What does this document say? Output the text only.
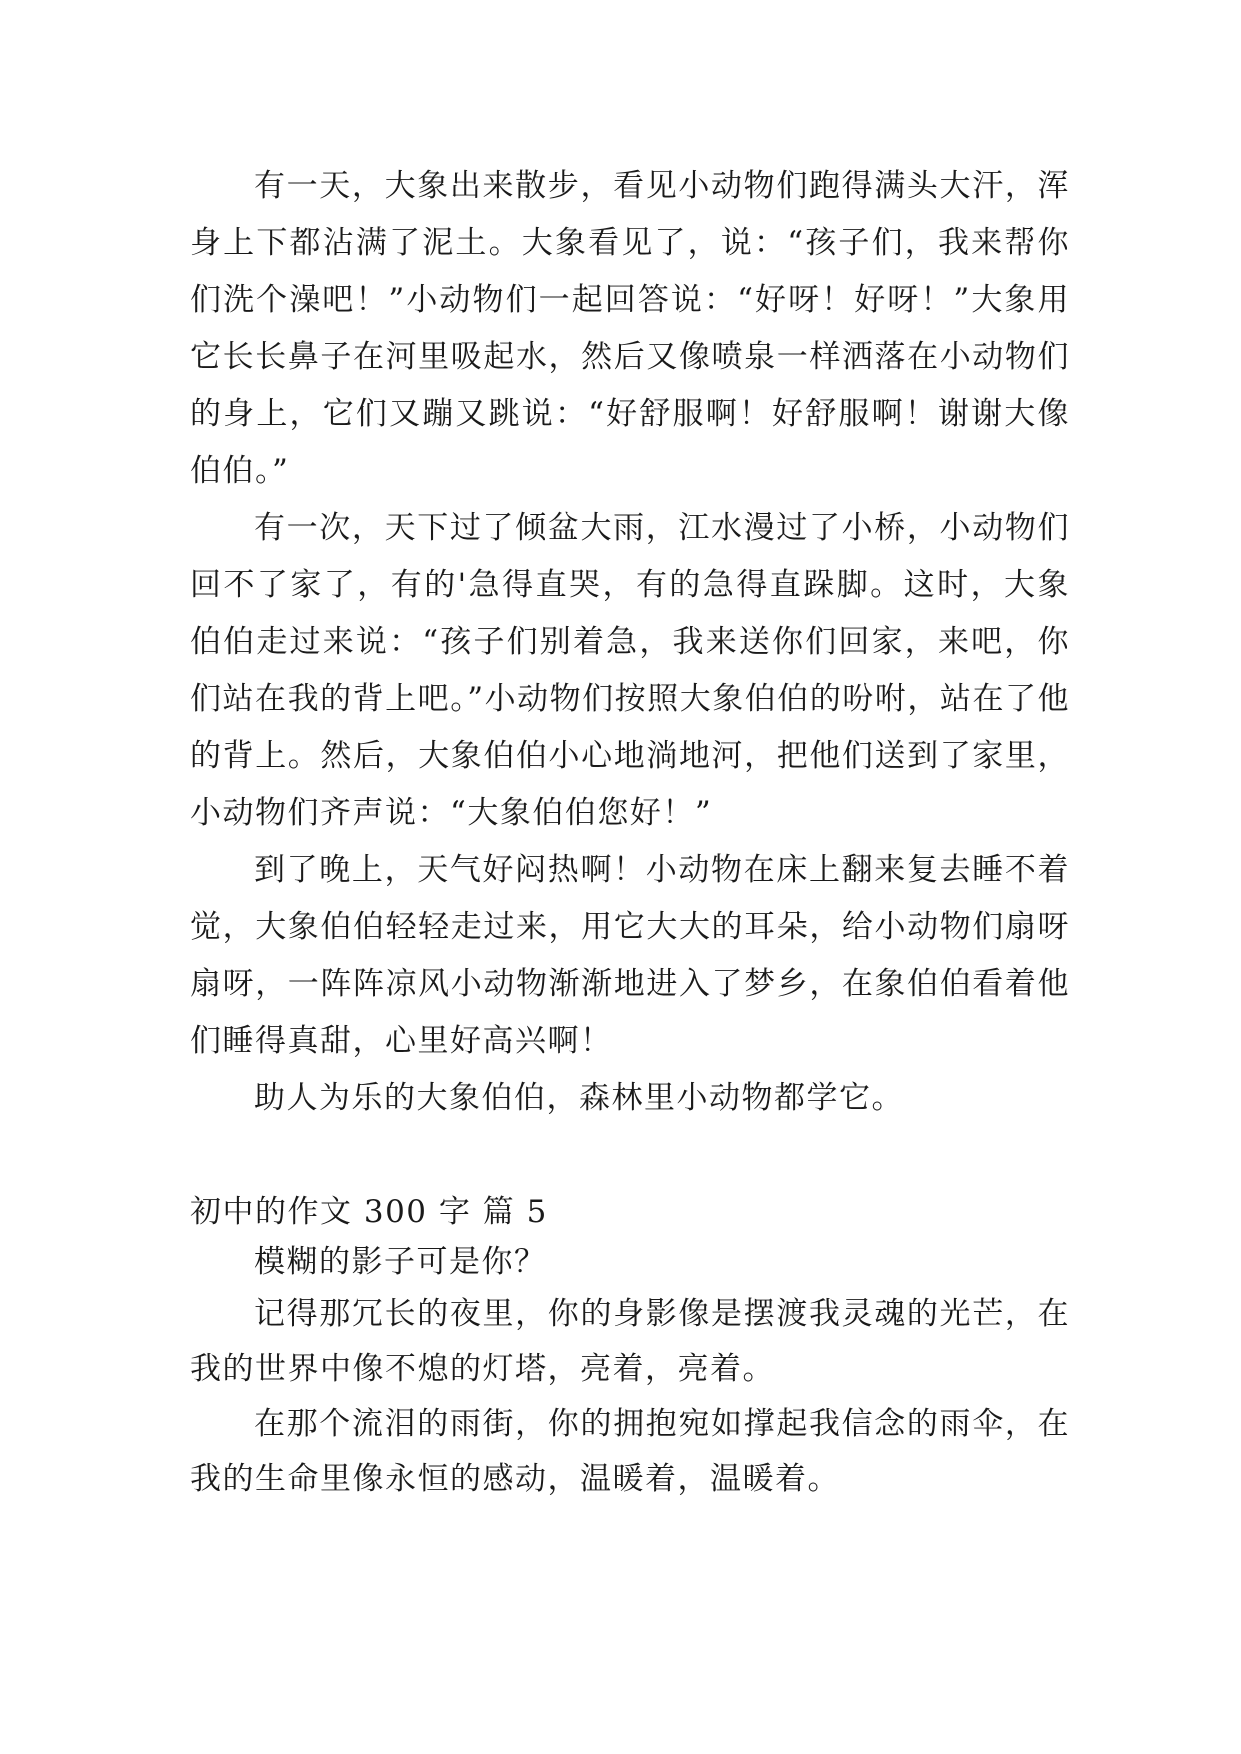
有一天，大象出来散步，看见小动物们跑得满头大汗，浑身上下都沾满了泥土。大象看见了，说：“孩子们，我来帮你们洗个澡吧！”小动物们一起回答说：“好呀！好呀！”大象用它长长鼻子在河里吸起水，然后又像喷泉一样洒落在小动物们的身上，它们又蹦又跳说：“好舒服啊！好舒服啊！谢谢大像伯伯。”

有一次，天下过了倾盆大雨，江水漫过了小桥，小动物们回不了家了，有的'急得直哭，有的急得直跺脚。这时，大象伯伯走过来说：“孩子们别着急，我来送你们回家，来吧，你们站在我的背上吧。”小动物们按照大象伯伯的吩咐，站在了他的背上。然后，大象伯伯小心地淌地河，把他们送到了家里，小动物们齐声说：“大象伯伯您好！”

到了晚上，天气好闷热啊！小动物在床上翻来复去睡不着觉，大象伯伯轻轻走过来，用它大大的耳朵，给小动物们扇呀扇呀，一阵阵凉风小动物渐渐地进入了梦乡，在象伯伯看着他们睡得真甜，心里好高兴啊！

助人为乐的大象伯伯，森林里小动物都学它。

初中的作文 300 字 篇 5

模糊的影子可是你？

记得那冗长的夜里，你的身影像是摆渡我灵魂的光芒，在我的世界中像不熄的灯塔，亮着，亮着。

在那个流泪的雨街，你的拥抱宛如撑起我信念的雨伞，在我的生命里像永恒的感动，温暖着，温暖着。
